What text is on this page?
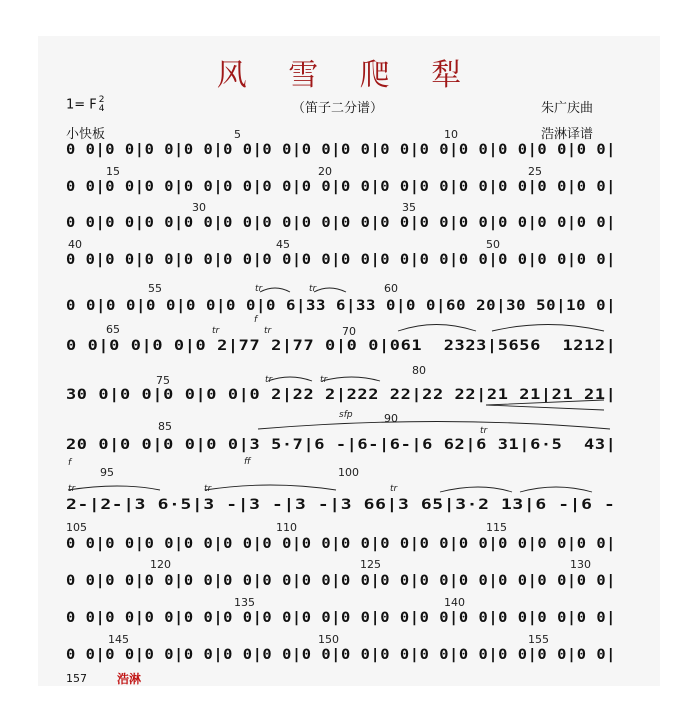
风 雪 爬 犁
1= F 2
4	（笛子二分谱）	朱广庆曲
小快板	浩淋译谱
5	10
15	20	25
30	35
40	45	50
55	60
65	70
75
80
85
90
95	100
105	110	115
120	125	130
135	140
145	150	155
0 0|0 0|0 0|0 0|0 0|0 0|0 0|0 0|0 0|0 0|0 0|0 0|0 0|0 0|
0 0|0 0|0 0|0 0|0 0|0 0|0 0|0 0|0 0|0 0|0 0|0 0|0 0|0 0|
0 0|0 0|0 0|0 0|0 0|0 0|0 0|0 0|0 0|0 0|0 0|0 0|0 0|0 0|
0 0|0 0|0 0|0 0|0 0|0 0|0 0|0 0|0 0|0 0|0 0|0 0|0 0|0 0|
0 0|0 0|0 0|0 0|0 0|0 6|33 6|33 0|0 0|60 20|30 50|10 0|
0 0|0 0|0 0|0 2|77 2|77 0|0 0|061  2323|5656  1212|
30 0|0 0|0 0|0 0|0 2|22 2|222 22|22 22|21 21|21 21|
20 0|0 0|0 0|0 0|3 5·7|6 -|6-|6-|6 62|6 31|6·5  43|
2-|2-|3 6·5|3 -|3 -|3 -|3 66|3 65|3·2 13|6 -|6 -
0 0|0 0|0 0|0 0|0 0|0 0|0 0|0 0|0 0|0 0|0 0|0 0|0 0|0 0|
0 0|0 0|0 0|0 0|0 0|0 0|0 0|0 0|0 0|0 0|0 0|0 0|0 0|0 0|
0 0|0 0|0 0|0 0|0 0|0 0|0 0|0 0|0 0|0 0|0 0|0 0|0 0|0 0|
0 0|0 0|0 0|0 0|0 0|0 0|0 0|0 0|0 0|0 0|0 0|0 0|0 0|0 0|
tr	tr
f
tr	tr
tr	tr
sfp
ff
f
tr
tr	tr	tr
157	浩淋
